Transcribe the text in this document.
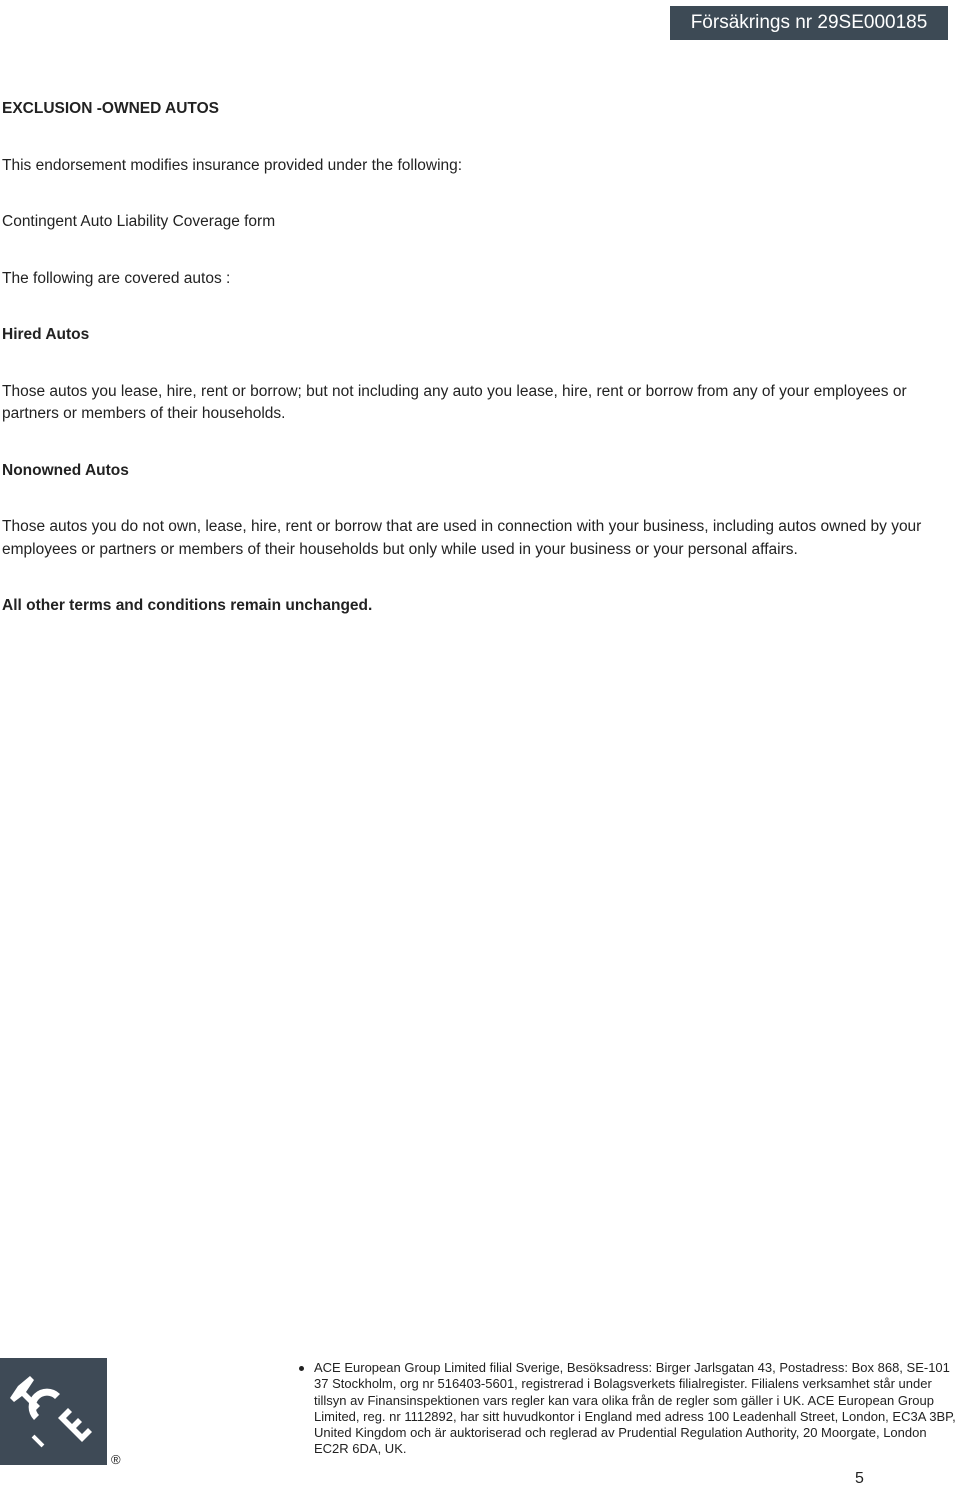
Försäkrings nr 29SE000185

EXCLUSION -OWNED AUTOS

This endorsement modifies insurance provided under the following:

Contingent Auto Liability Coverage form

The following are covered autos :

Hired Autos

Those autos you lease, hire, rent or borrow; but not including any auto you lease, hire, rent or borrow from any of your employees or partners or members of their households.

Nonowned Autos

Those autos you do not own, lease, hire, rent or borrow that are used in connection with your business, including autos owned by your employees or partners or members of their households but only while used in your business or your personal affairs.

All other terms and conditions remain unchanged.

®
ACE European Group Limited filial Sverige, Besöksadress: Birger Jarlsgatan 43, Postadress: Box 868, SE-101 37 Stockholm, org nr 516403-5601, registrerad i Bolagsverkets filialregister. Filialens verksamhet står under tillsyn av Finansinspektionen vars regler kan vara olika från de regler som gäller i UK. ACE European Group Limited, reg. nr 1112892, har sitt huvudkontor i England med adress 100 Leadenhall Street, London, EC3A 3BP, United Kingdom och är auktoriserad och reglerad av Prudential Regulation Authority, 20 Moorgate, London EC2R 6DA, UK.
5
